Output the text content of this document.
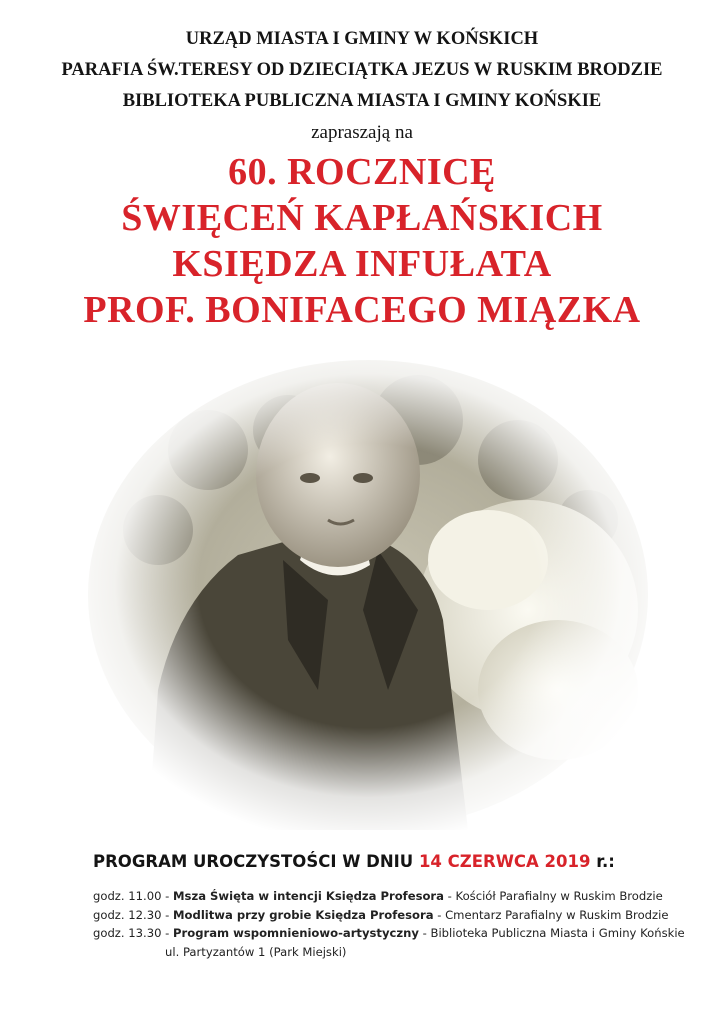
URZĄD MIASTA I GMINY W KOŃSKICH
PARAFIA ŚW.TERESY OD DZIECIĄTKA JEZUS W RUSKIM BRODZIE
BIBLIOTEKA PUBLICZNA MIASTA I GMINY KOŃSKIE
zapraszają na
60. ROCZNICĘ
ŚWIĘCEŃ KAPŁAŃSKICH
KSIĘDZA INFUŁATA
PROF. BONIFACEGO MIĄZKA
PROGRAM UROCZYSTOŚCI W DNIU 14 CZERWCA 2019 r.:
godz. 11.00 - Msza Święta w intencji Księdza Profesora - Kościół Parafialny w Ruskim Brodzie
godz. 12.30 - Modlitwa przy grobie Księdza Profesora - Cmentarz Parafialny w Ruskim Brodzie
godz. 13.30 - Program wspomnieniowo-artystyczny - Biblioteka Publiczna Miasta i Gminy Końskie
ul. Partyzantów 1 (Park Miejski)
